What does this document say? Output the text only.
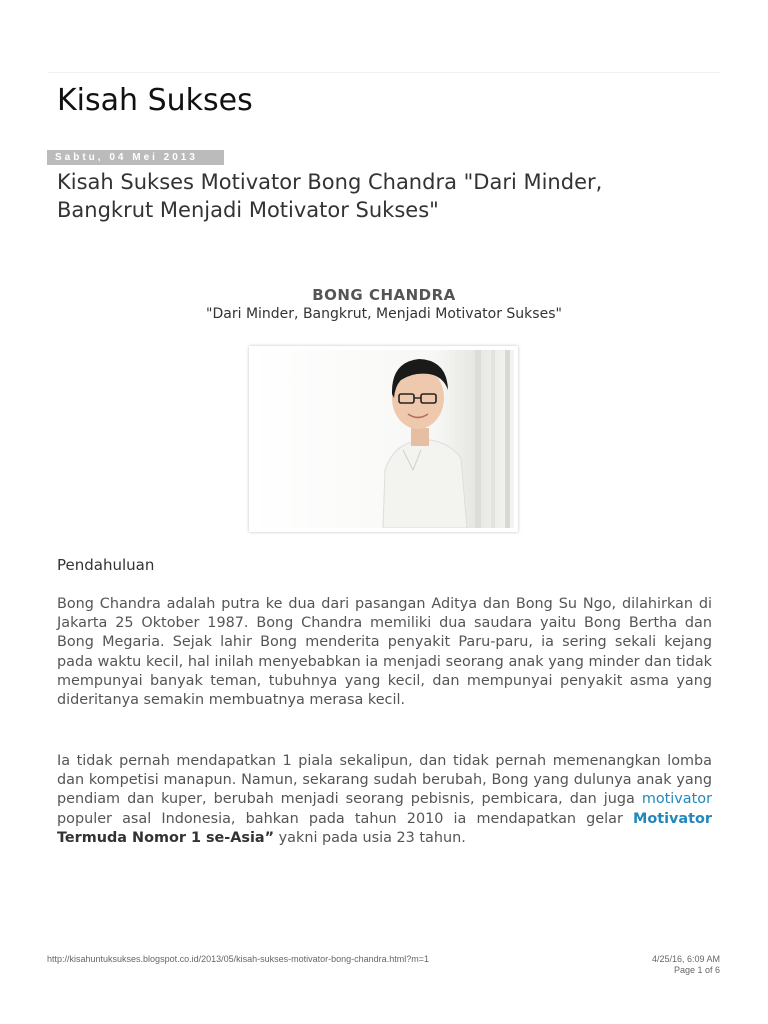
Kisah Sukses
Sabtu, 04 Mei 2013
Kisah Sukses Motivator Bong Chandra "Dari Minder, Bangkrut Menjadi Motivator Sukses"
BONG CHANDRA
"Dari Minder, Bangkrut, Menjadi Motivator Sukses"
Pendahuluan

Bong Chandra adalah putra ke dua dari pasangan Aditya dan Bong Su Ngo, dilahirkan di Jakarta 25 Oktober 1987. Bong Chandra memiliki dua saudara yaitu Bong Bertha dan Bong Megaria. Sejak lahir Bong menderita penyakit Paru-paru, ia sering sekali kejang pada waktu kecil, hal inilah menyebabkan ia menjadi seorang anak yang minder dan tidak mempunyai banyak teman, tubuhnya yang kecil, dan mempunyai penyakit asma yang dideritanya semakin membuatnya merasa kecil.

Ia tidak pernah mendapatkan 1 piala sekalipun, dan tidak pernah memenangkan lomba dan kompetisi manapun. Namun, sekarang sudah berubah, Bong yang dulunya anak yang pendiam dan kuper, berubah menjadi seorang pebisnis, pembicara, dan juga motivator populer asal Indonesia, bahkan pada tahun 2010 ia mendapatkan gelar Motivator Termuda Nomor 1 se-Asia” yakni pada usia 23 tahun.

http://kisahuntuksukses.blogspot.co.id/2013/05/kisah-sukses-motivator-bong-chandra.html?m=1	4/25/16, 6:09 AM
Page 1 of 6
